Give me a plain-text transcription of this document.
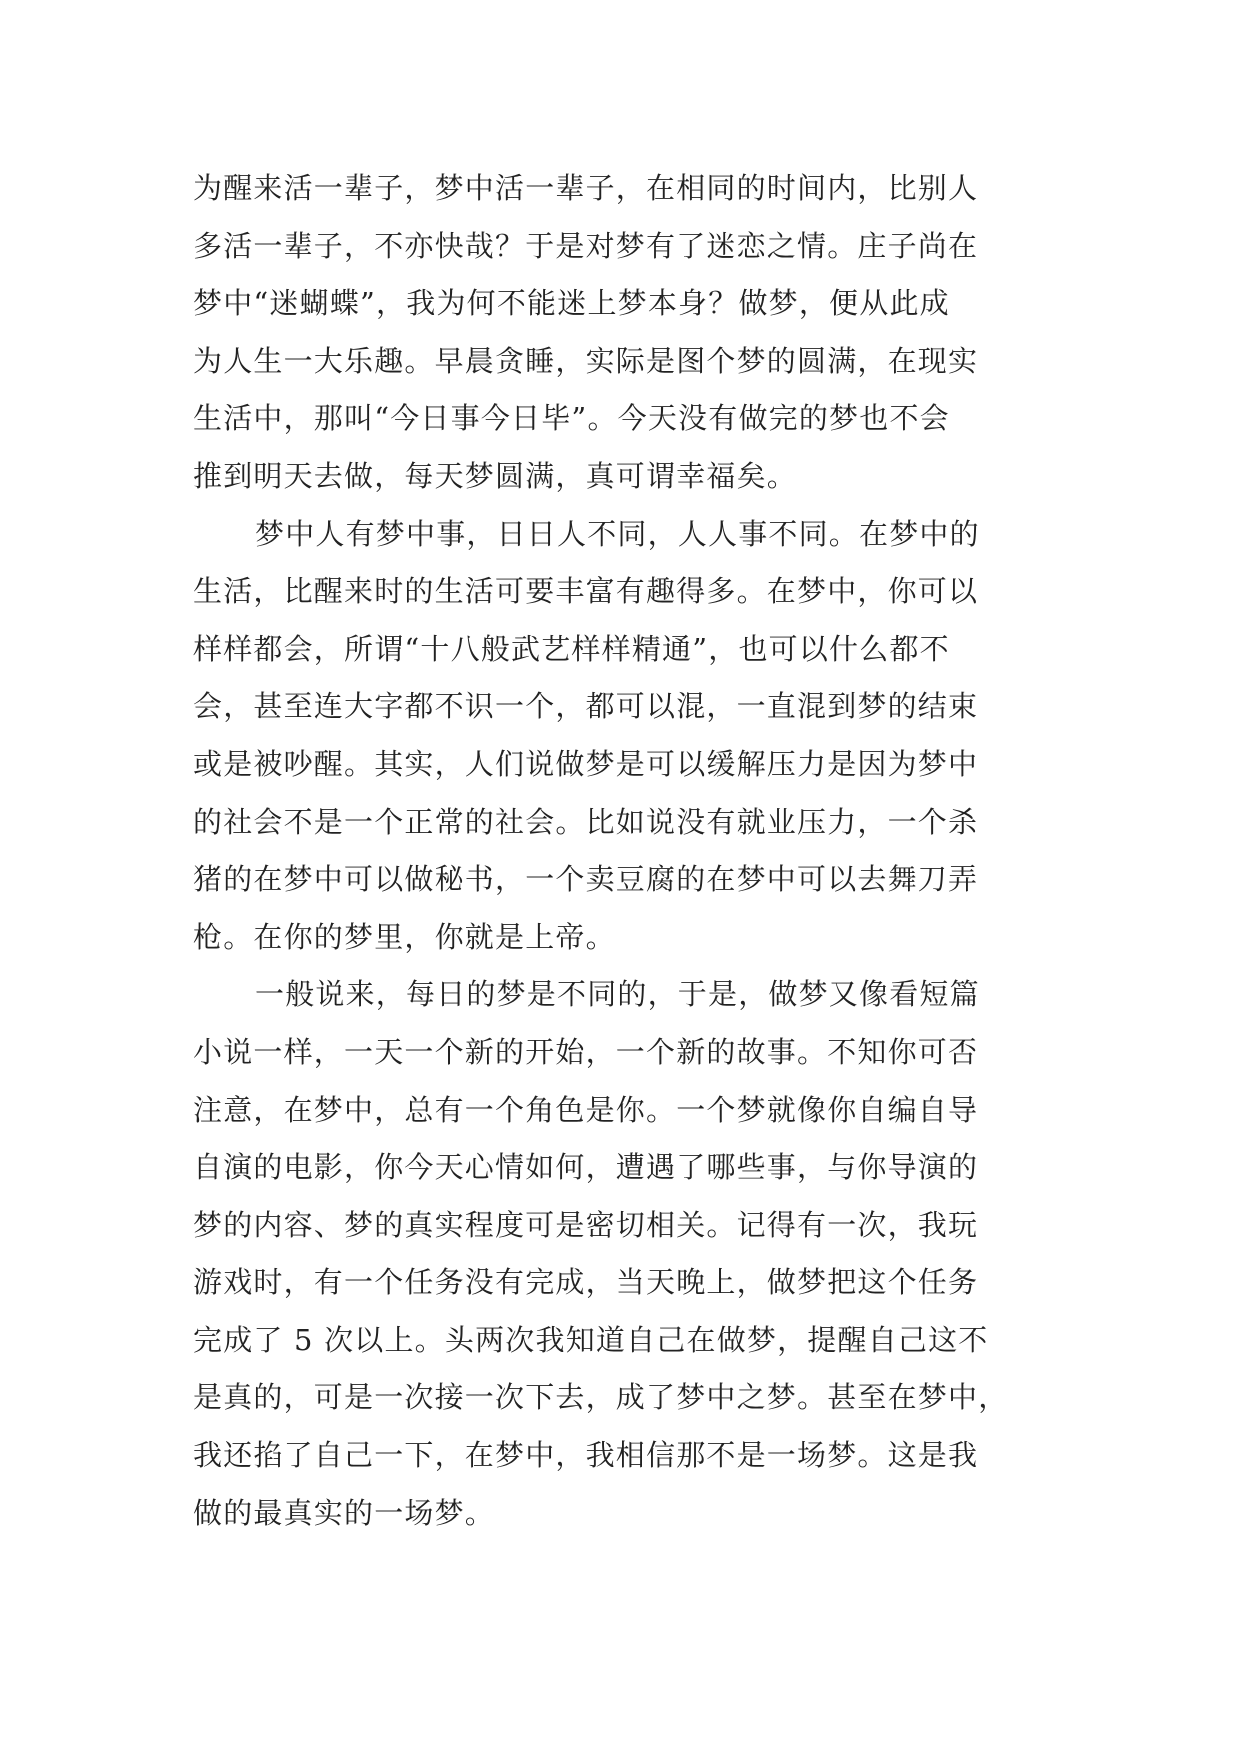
为醒来活一辈子，梦中活一辈子，在相同的时间内，比别人
多活一辈子，不亦快哉？于是对梦有了迷恋之情。庄子尚在
梦中“迷蝴蝶”，我为何不能迷上梦本身？做梦，便从此成
为人生一大乐趣。早晨贪睡，实际是图个梦的圆满，在现实
生活中，那叫“今日事今日毕”。今天没有做完的梦也不会
推到明天去做，每天梦圆满，真可谓幸福矣。
梦中人有梦中事，日日人不同，人人事不同。在梦中的
生活，比醒来时的生活可要丰富有趣得多。在梦中，你可以
样样都会，所谓“十八般武艺样样精通”，也可以什么都不
会，甚至连大字都不识一个，都可以混，一直混到梦的结束
或是被吵醒。其实，人们说做梦是可以缓解压力是因为梦中
的社会不是一个正常的社会。比如说没有就业压力，一个杀
猪的在梦中可以做秘书，一个卖豆腐的在梦中可以去舞刀弄
枪。在你的梦里，你就是上帝。
一般说来，每日的梦是不同的，于是，做梦又像看短篇
小说一样，一天一个新的开始，一个新的故事。不知你可否
注意，在梦中，总有一个角色是你。一个梦就像你自编自导
自演的电影，你今天心情如何，遭遇了哪些事，与你导演的
梦的内容、梦的真实程度可是密切相关。记得有一次，我玩
游戏时，有一个任务没有完成，当天晚上，做梦把这个任务
完成了 5 次以上。头两次我知道自己在做梦，提醒自己这不
是真的，可是一次接一次下去，成了梦中之梦。甚至在梦中，
我还掐了自己一下，在梦中，我相信那不是一场梦。这是我
做的最真实的一场梦。
